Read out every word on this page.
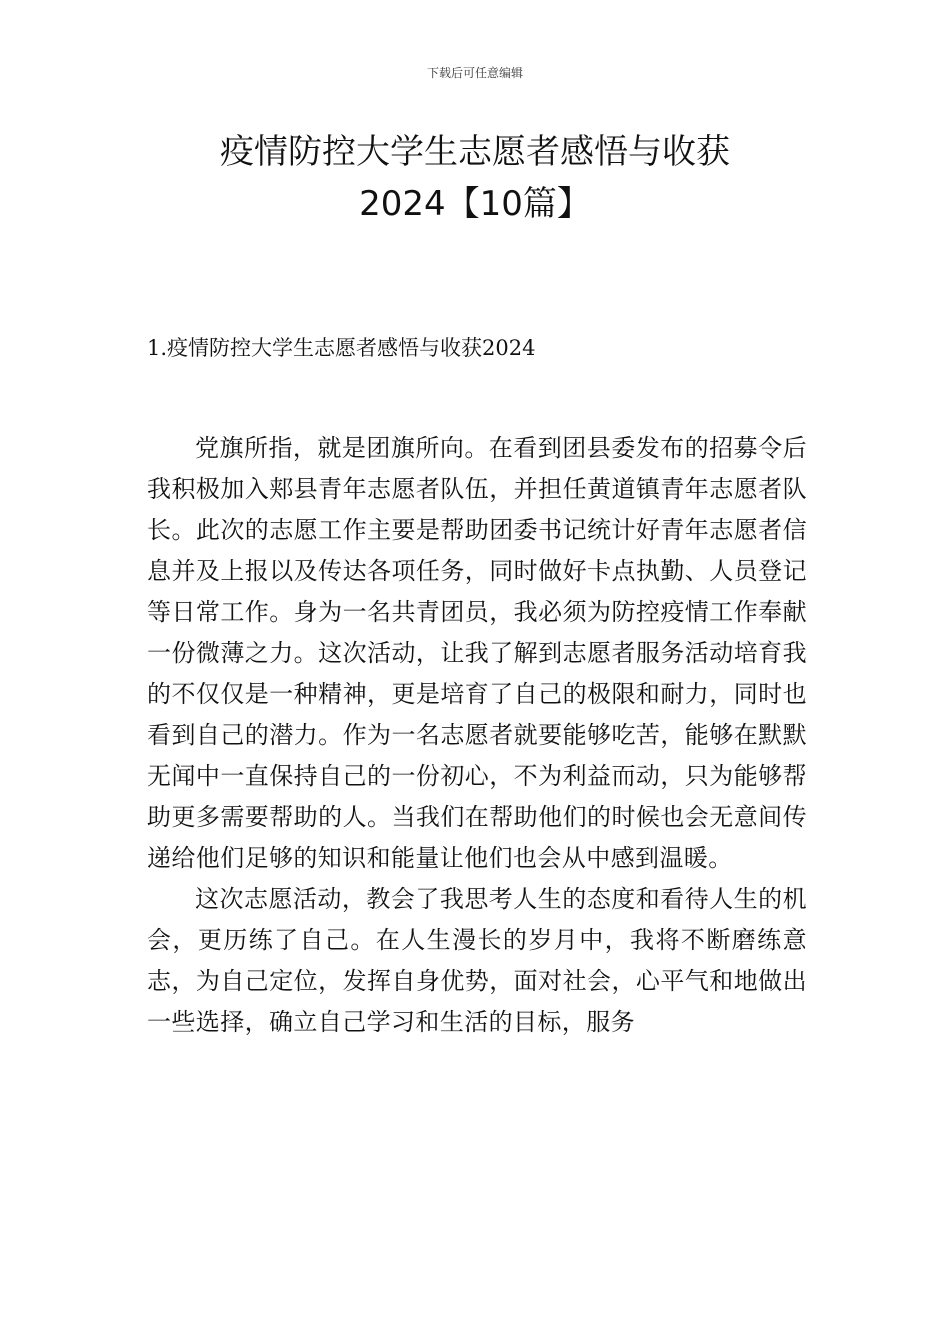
下载后可任意编辑
疫情防控大学生志愿者感悟与收获
2024【10篇】
1.疫情防控大学生志愿者感悟与收获2024

党旗所指，就是团旗所向。在看到团县委发布的招募令后我积极加入郏县青年志愿者队伍，并担任黄道镇青年志愿者队长。此次的志愿工作主要是帮助团委书记统计好青年志愿者信息并及上报以及传达各项任务，同时做好卡点执勤、人员登记等日常工作。身为一名共青团员，我必须为防控疫情工作奉献一份微薄之力。这次活动，让我了解到志愿者服务活动培育我的不仅仅是一种精神，更是培育了自己的极限和耐力，同时也看到自己的潜力。作为一名志愿者就要能够吃苦，能够在默默无闻中一直保持自己的一份初心，不为利益而动，只为能够帮助更多需要帮助的人。当我们在帮助他们的时候也会无意间传递给他们足够的知识和能量让他们也会从中感到温暖。

这次志愿活动，教会了我思考人生的态度和看待人生的机会，更历练了自己。在人生漫长的岁月中，我将不断磨练意志，为自己定位，发挥自身优势，面对社会，心平气和地做出一些选择，确立自己学习和生活的目标，服务
